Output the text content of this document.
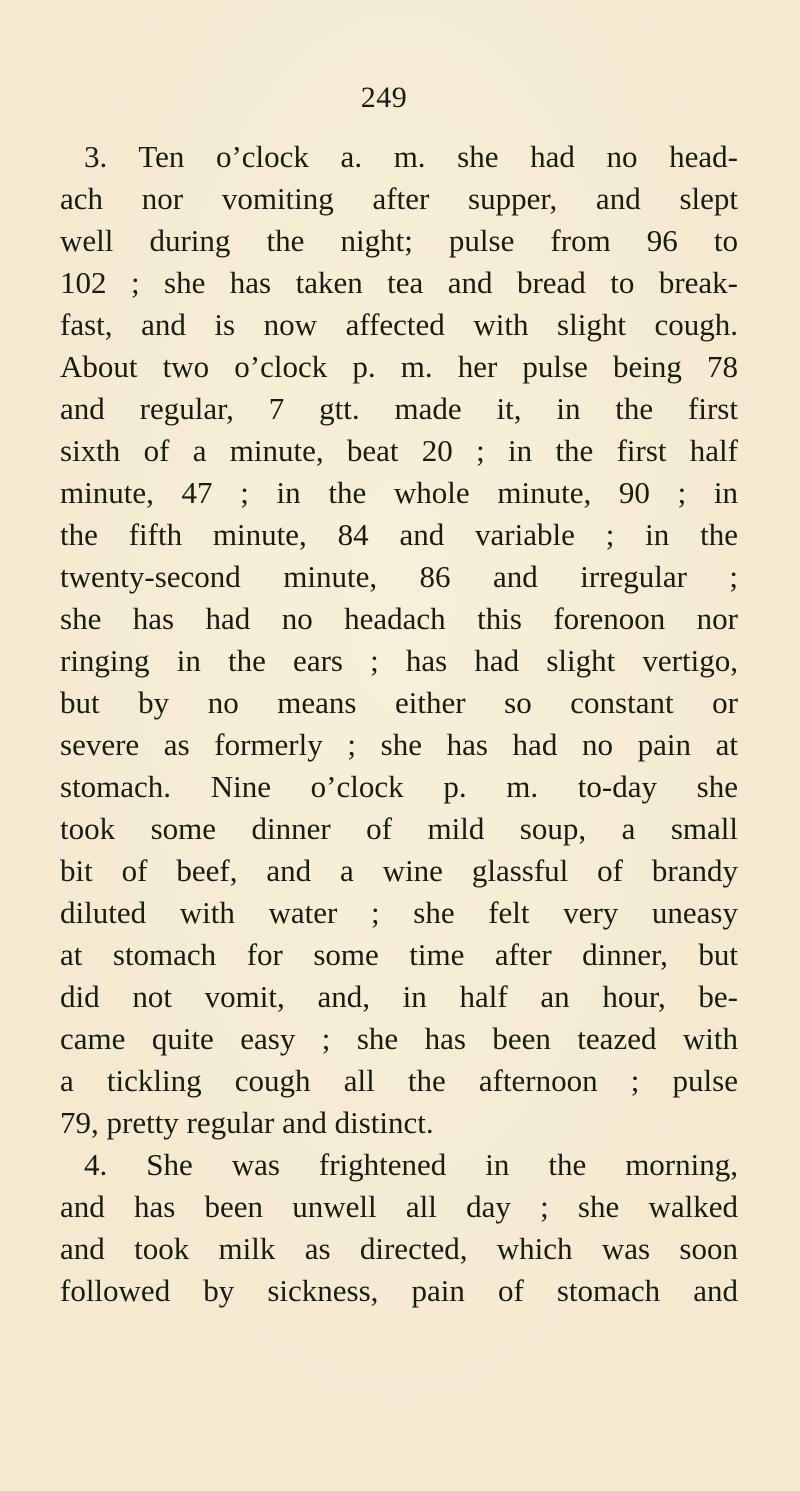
249
3. Ten o’clock a. m. she had no head-
ach nor vomiting after supper, and slept
well during the night; pulse from 96 to
102 ; she has taken tea and bread to break-
fast, and is now affected with slight cough.
About two o’clock p. m. her pulse being 78
and regular, 7 gtt. made it, in the first
sixth of a minute, beat 20 ; in the first half
minute, 47 ; in the whole minute, 90 ; in
the fifth minute, 84 and variable ; in the
twenty-second minute, 86 and irregular ;
she has had no headach this forenoon nor
ringing in the ears ; has had slight vertigo,
but by no means either so constant or
severe as formerly ; she has had no pain at
stomach. Nine o’clock p. m. to-day she
took some dinner of mild soup, a small
bit of beef, and a wine glassful of brandy
diluted with water ; she felt very uneasy
at stomach for some time after dinner, but
did not vomit, and, in half an hour, be-
came quite easy ; she has been teazed with
a tickling cough all the afternoon ; pulse
79, pretty regular and distinct.
4. She was frightened in the morning,
and has been unwell all day ; she walked
and took milk as directed, which was soon
followed by sickness, pain of stomach and
